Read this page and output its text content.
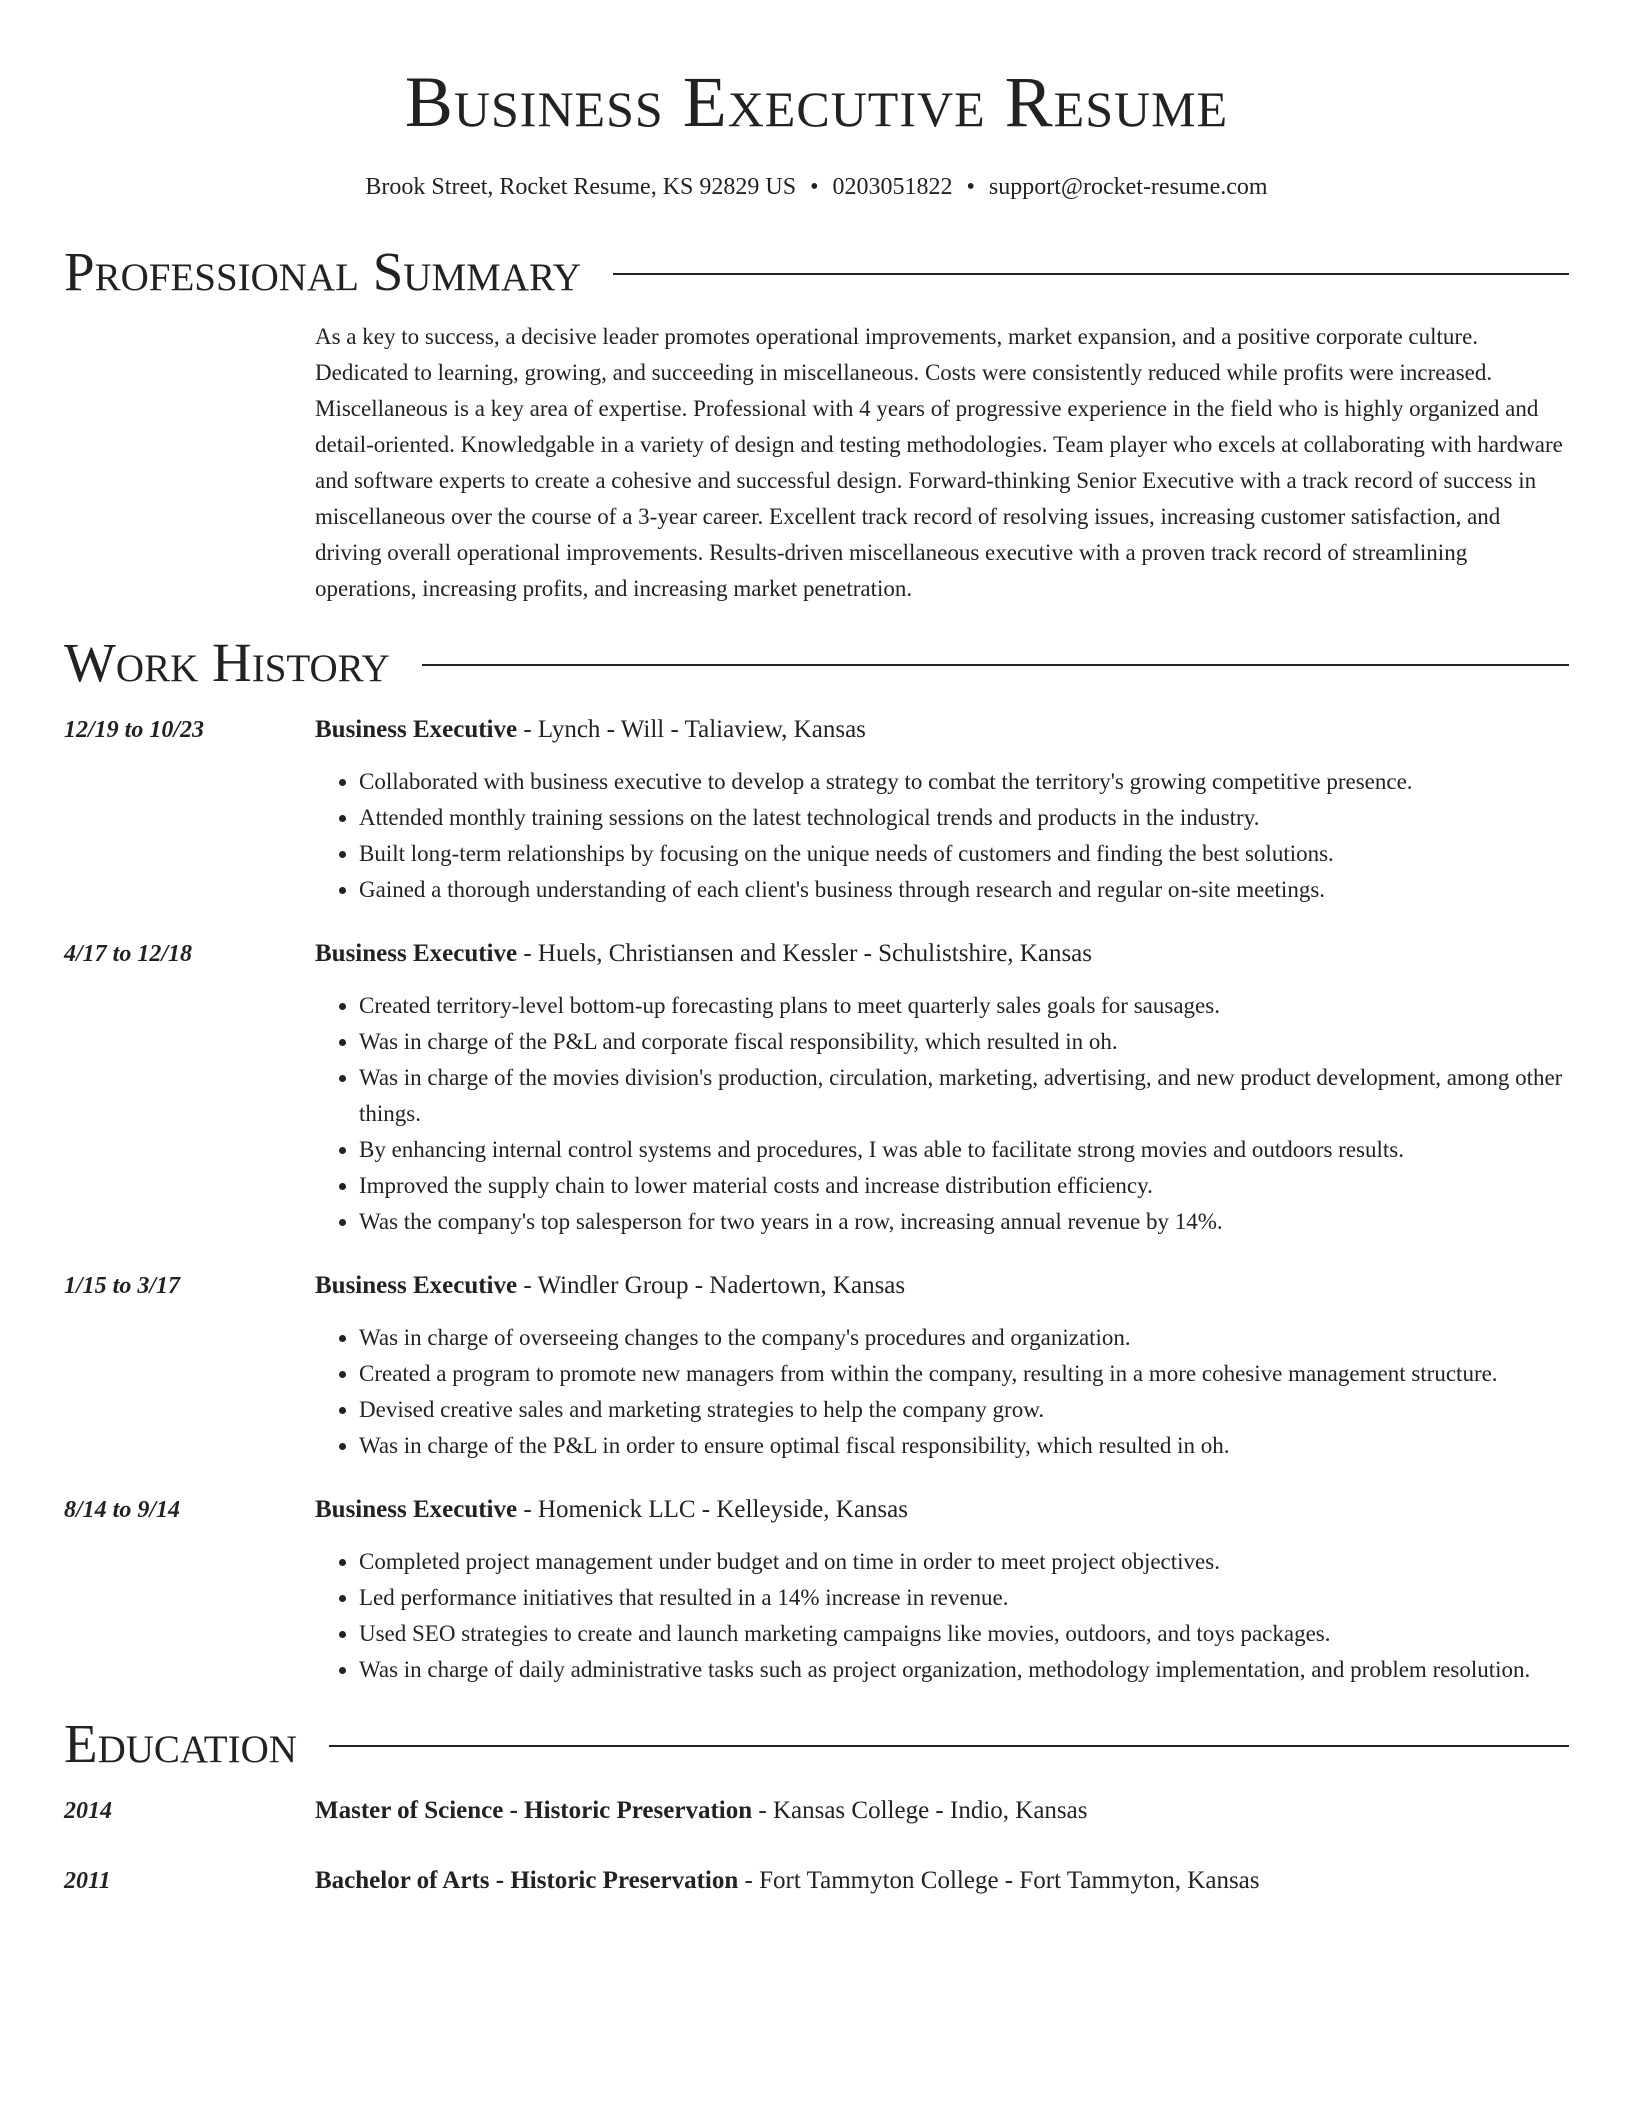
Business Executive Resume
Brook Street, Rocket Resume, KS 92829 US • 0203051822 • support@rocket-resume.com
Professional Summary
As a key to success, a decisive leader promotes operational improvements, market expansion, and a positive corporate culture. Dedicated to learning, growing, and succeeding in miscellaneous. Costs were consistently reduced while profits were increased. Miscellaneous is a key area of expertise. Professional with 4 years of progressive experience in the field who is highly organized and detail-oriented. Knowledgable in a variety of design and testing methodologies. Team player who excels at collaborating with hardware and software experts to create a cohesive and successful design. Forward-thinking Senior Executive with a track record of success in miscellaneous over the course of a 3-year career. Excellent track record of resolving issues, increasing customer satisfaction, and driving overall operational improvements. Results-driven miscellaneous executive with a proven track record of streamlining operations, increasing profits, and increasing market penetration.
Work History
12/19 to 10/23	Business Executive - Lynch - Will - Taliaview, Kansas
• Collaborated with business executive to develop a strategy to combat the territory's growing competitive presence.
• Attended monthly training sessions on the latest technological trends and products in the industry.
• Built long-term relationships by focusing on the unique needs of customers and finding the best solutions.
• Gained a thorough understanding of each client's business through research and regular on-site meetings.
4/17 to 12/18	Business Executive - Huels, Christiansen and Kessler - Schulistshire, Kansas
• Created territory-level bottom-up forecasting plans to meet quarterly sales goals for sausages.
• Was in charge of the P&L and corporate fiscal responsibility, which resulted in oh.
• Was in charge of the movies division's production, circulation, marketing, advertising, and new product development, among other things.
• By enhancing internal control systems and procedures, I was able to facilitate strong movies and outdoors results.
• Improved the supply chain to lower material costs and increase distribution efficiency.
• Was the company's top salesperson for two years in a row, increasing annual revenue by 14%.
1/15 to 3/17	Business Executive - Windler Group - Nadertown, Kansas
• Was in charge of overseeing changes to the company's procedures and organization.
• Created a program to promote new managers from within the company, resulting in a more cohesive management structure.
• Devised creative sales and marketing strategies to help the company grow.
• Was in charge of the P&L in order to ensure optimal fiscal responsibility, which resulted in oh.
8/14 to 9/14	Business Executive - Homenick LLC - Kelleyside, Kansas
• Completed project management under budget and on time in order to meet project objectives.
• Led performance initiatives that resulted in a 14% increase in revenue.
• Used SEO strategies to create and launch marketing campaigns like movies, outdoors, and toys packages.
• Was in charge of daily administrative tasks such as project organization, methodology implementation, and problem resolution.
Education
2014	Master of Science - Historic Preservation - Kansas College - Indio, Kansas
2011	Bachelor of Arts - Historic Preservation - Fort Tammyton College - Fort Tammyton, Kansas
